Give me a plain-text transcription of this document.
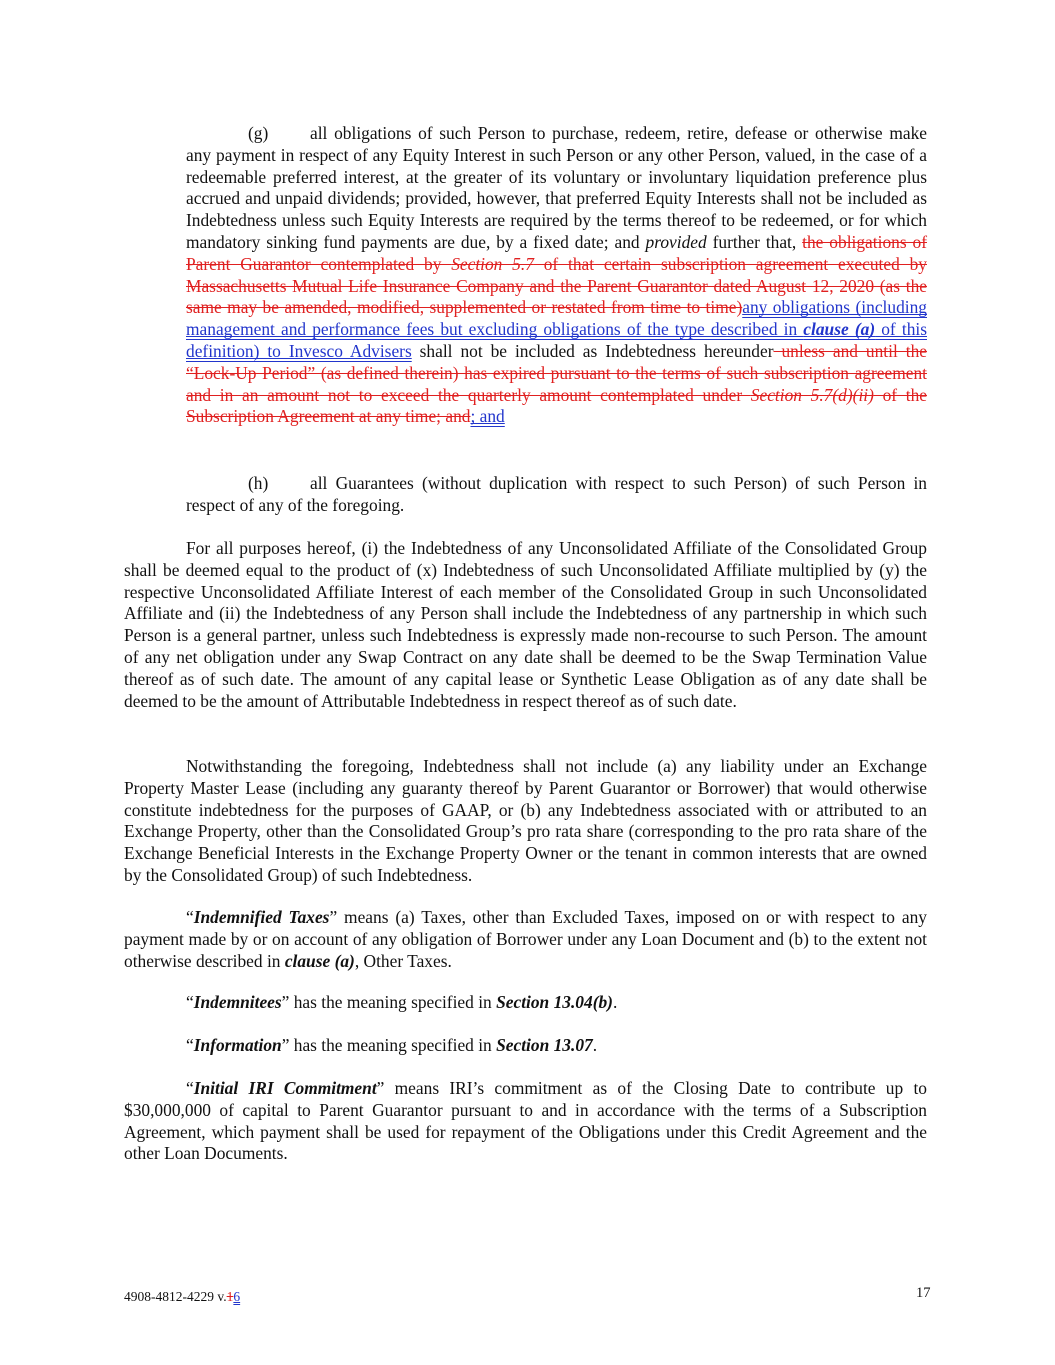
(g) all obligations of such Person to purchase, redeem, retire, defease or otherwise make any payment in respect of any Equity Interest in such Person or any other Person, valued, in the case of a redeemable preferred interest, at the greater of its voluntary or involuntary liquidation preference plus accrued and unpaid dividends; provided, however, that preferred Equity Interests shall not be included as Indebtedness unless such Equity Interests are required by the terms thereof to be redeemed, or for which mandatory sinking fund payments are due, by a fixed date; and provided further that, the obligations of Parent Guarantor contemplated by Section 5.7 of that certain subscription agreement executed by Massachusetts Mutual Life Insurance Company and the Parent Guarantor dated August 12, 2020 (as the same may be amended, modified, supplemented or restated from time to time)any obligations (including management and performance fees but excluding obligations of the type described in clause (a) of this definition) to Invesco Advisers shall not be included as Indebtedness hereunder unless and until the “Lock-Up Period” (as defined therein) has expired pursuant to the terms of such subscription agreement and in an amount not to exceed the quarterly amount contemplated under Section 5.7(d)(ii) of the Subscription Agreement at any time; and; and
(h) all Guarantees (without duplication with respect to such Person) of such Person in respect of any of the foregoing.
For all purposes hereof, (i) the Indebtedness of any Unconsolidated Affiliate of the Consolidated Group shall be deemed equal to the product of (x) Indebtedness of such Unconsolidated Affiliate multiplied by (y) the respective Unconsolidated Affiliate Interest of each member of the Consolidated Group in such Unconsolidated Affiliate and (ii) the Indebtedness of any Person shall include the Indebtedness of any partnership in which such Person is a general partner, unless such Indebtedness is expressly made non-recourse to such Person. The amount of any net obligation under any Swap Contract on any date shall be deemed to be the Swap Termination Value thereof as of such date. The amount of any capital lease or Synthetic Lease Obligation as of any date shall be deemed to be the amount of Attributable Indebtedness in respect thereof as of such date.
Notwithstanding the foregoing, Indebtedness shall not include (a) any liability under an Exchange Property Master Lease (including any guaranty thereof by Parent Guarantor or Borrower) that would otherwise constitute indebtedness for the purposes of GAAP, or (b) any Indebtedness associated with or attributed to an Exchange Property, other than the Consolidated Group’s pro rata share (corresponding to the pro rata share of the Exchange Beneficial Interests in the Exchange Property Owner or the tenant in common interests that are owned by the Consolidated Group) of such Indebtedness.
“Indemnified Taxes” means (a) Taxes, other than Excluded Taxes, imposed on or with respect to any payment made by or on account of any obligation of Borrower under any Loan Document and (b) to the extent not otherwise described in clause (a), Other Taxes.
“Indemnitees” has the meaning specified in Section 13.04(b).
“Information” has the meaning specified in Section 13.07.
“Initial IRI Commitment” means IRI’s commitment as of the Closing Date to contribute up to $30,000,000 of capital to Parent Guarantor pursuant to and in accordance with the terms of a Subscription Agreement, which payment shall be used for repayment of the Obligations under this Credit Agreement and the other Loan Documents.
4908-4812-4229 v.16	17
